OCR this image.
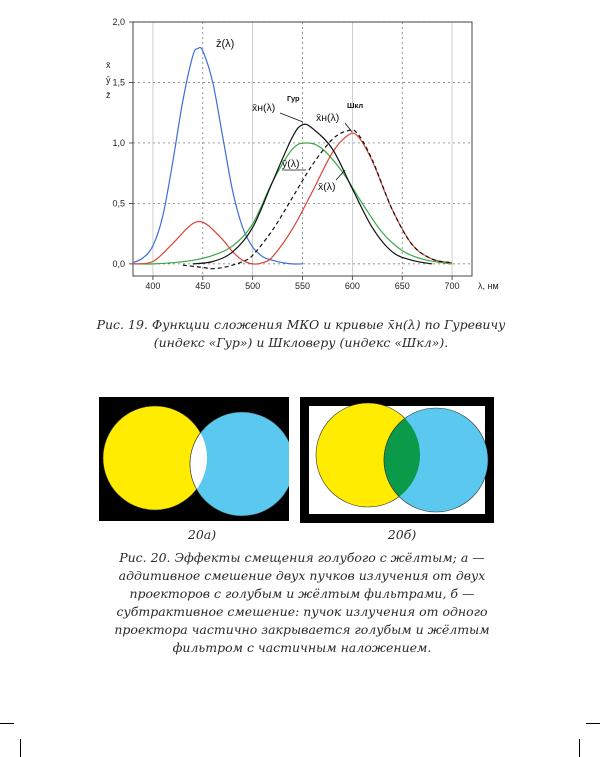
400	450	500	550	600	650	700
0,0
0,5
1,0
1,5
2,0
x̄
ȳ
z̄
λ, нм
z̄(λ)
x̄н(λ)
Гур
x̄н(λ)
Шкл
ȳ(λ)
x̄(λ)
Рис. 19. Функции сложения МКО и кривые x̄н(λ) по Гуревичу (индекс «Гур») и Шкловеру (индекс «Шкл»).
20а)	20б)
Рис. 20. Эффекты смещения голубого с жёлтым; а — аддитивное смешение двух пучков излучения от двух проекторов с голубым и жёлтым фильтрами, б — субтрактивное смешение: пучок излучения от одного проектора частично закрывается голубым и жёлтым фильтром с частичным наложением.
